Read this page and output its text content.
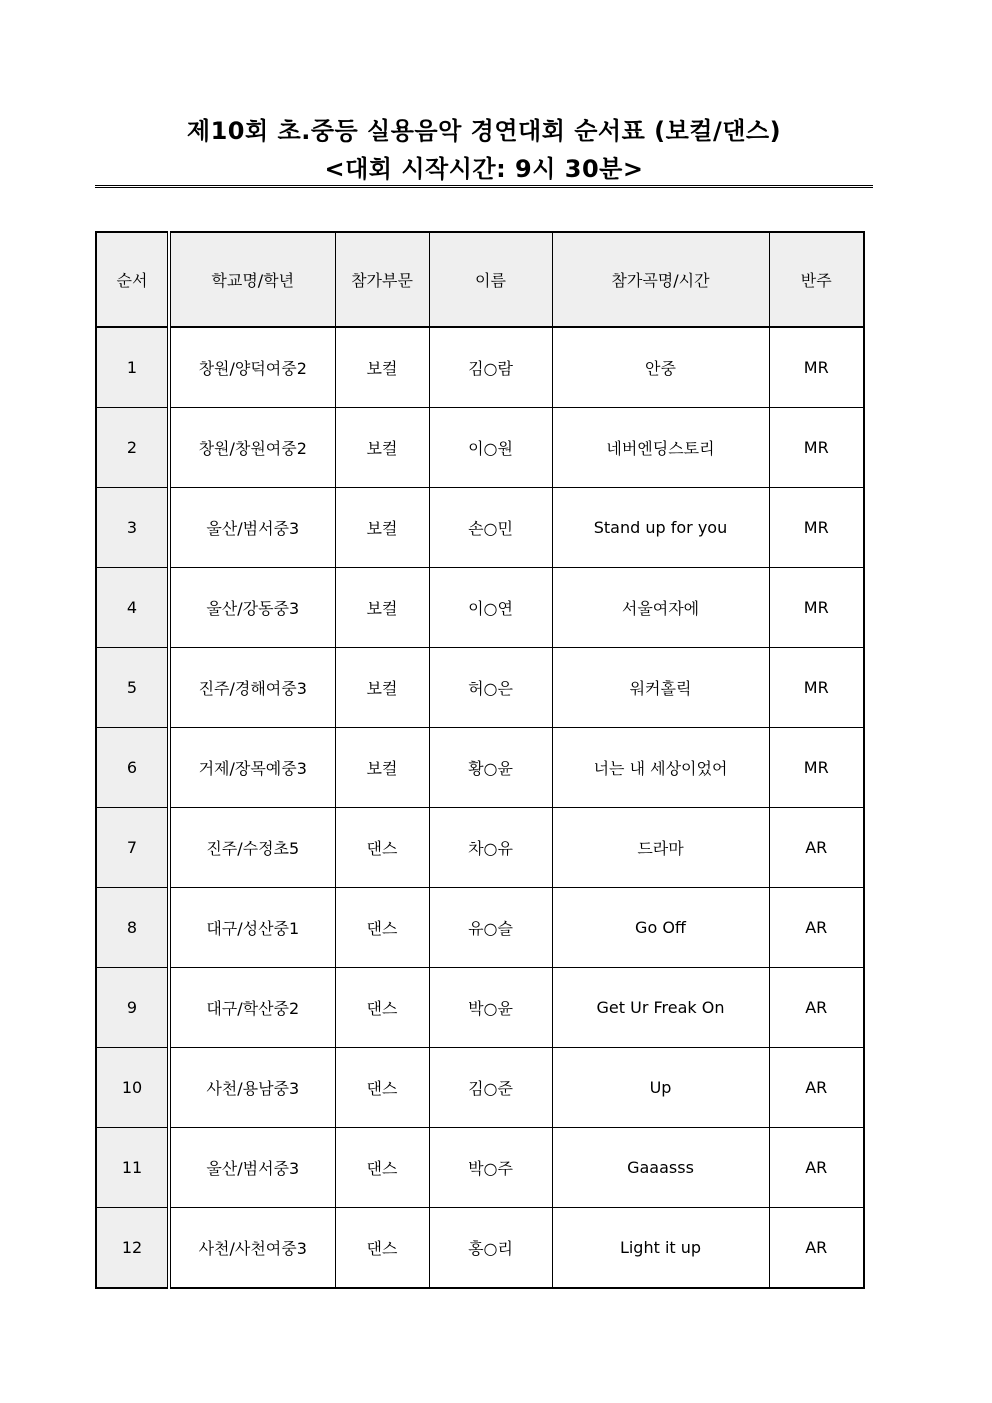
제10회 초.중등 실용음악 경연대회 순서표 (보컬/댄스)
<대회 시작시간: 9시 30분>
순서	학교명/학년	참가부문	이름	참가곡명/시간	반주
1	창원/양덕여중2	보컬	김○람	안중	MR
2	창원/창원여중2	보컬	이○원	네버엔딩스토리	MR
3	울산/범서중3	보컬	손○민	Stand up for you	MR
4	울산/강동중3	보컬	이○연	서울여자에	MR
5	진주/경해여중3	보컬	허○은	워커홀릭	MR
6	거제/장목예중3	보컬	황○윤	너는 내 세상이었어	MR
7	진주/수정초5	댄스	차○유	드라마	AR
8	대구/성산중1	댄스	유○슬	Go Off	AR
9	대구/학산중2	댄스	박○윤	Get Ur Freak On	AR
10	사천/용남중3	댄스	김○준	Up	AR
11	울산/범서중3	댄스	박○주	Gaaasss	AR
12	사천/사천여중3	댄스	홍○리	Light it up	AR
